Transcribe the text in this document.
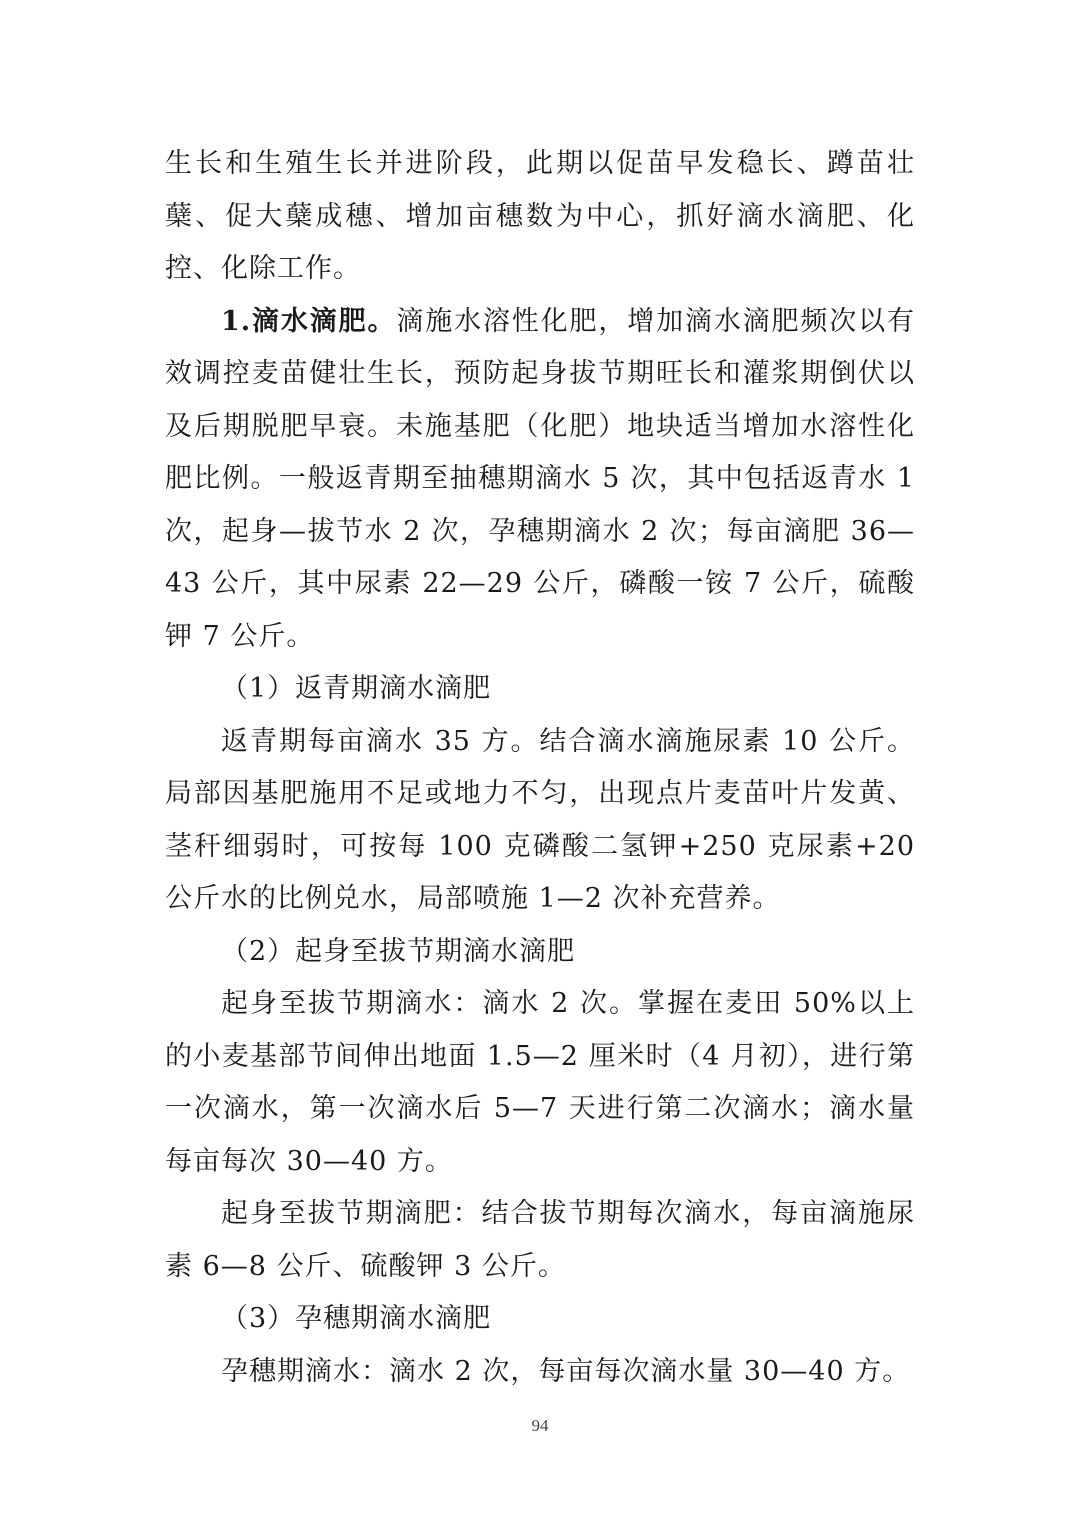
生长和生殖生长并进阶段，此期以促苗早发稳长、蹲苗壮蘖、促大蘖成穗、增加亩穗数为中心，抓好滴水滴肥、化控、化除工作。

1.滴水滴肥。滴施水溶性化肥，增加滴水滴肥频次以有效调控麦苗健壮生长，预防起身拔节期旺长和灌浆期倒伏以及后期脱肥早衰。未施基肥（化肥）地块适当增加水溶性化肥比例。一般返青期至抽穗期滴水 5 次，其中包括返青水 1 次，起身—拔节水 2 次，孕穗期滴水 2 次；每亩滴肥 36—43 公斤，其中尿素 22—29 公斤，磷酸一铵 7 公斤，硫酸钾 7 公斤。

（1）返青期滴水滴肥

返青期每亩滴水 35 方。结合滴水滴施尿素 10 公斤。局部因基肥施用不足或地力不匀，出现点片麦苗叶片发黄、茎秆细弱时，可按每 100 克磷酸二氢钾+250 克尿素+20 公斤水的比例兑水，局部喷施 1—2 次补充营养。

（2）起身至拔节期滴水滴肥

起身至拔节期滴水：滴水 2 次。掌握在麦田 50%以上的小麦基部节间伸出地面 1.5—2 厘米时（4 月初），进行第一次滴水，第一次滴水后 5—7 天进行第二次滴水；滴水量每亩每次 30—40 方。

起身至拔节期滴肥：结合拔节期每次滴水，每亩滴施尿素 6—8 公斤、硫酸钾 3 公斤。

（3）孕穗期滴水滴肥

孕穗期滴水：滴水 2 次，每亩每次滴水量 30—40 方。

94
